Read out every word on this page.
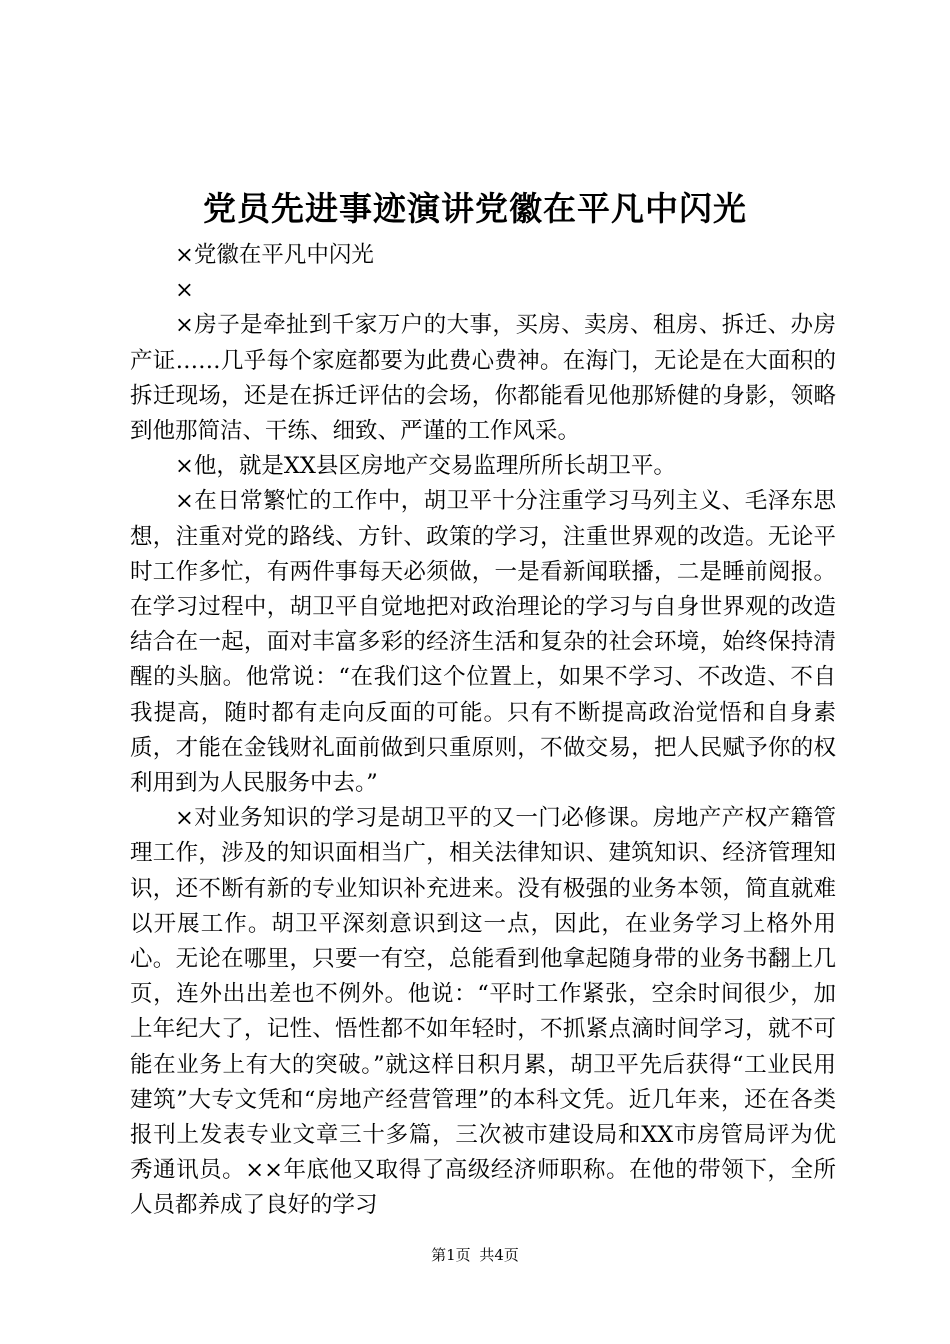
党员先进事迹演讲党徽在平凡中闪光

×党徽在平凡中闪光

×

×房子是牵扯到千家万户的大事，买房、卖房、租房、拆迁、办房产证……几乎每个家庭都要为此费心费神。在海门，无论是在大面积的拆迁现场，还是在拆迁评估的会场，你都能看见他那矫健的身影，领略到他那简洁、干练、细致、严谨的工作风采。

×他，就是XX县区房地产交易监理所所长胡卫平。

×在日常繁忙的工作中，胡卫平十分注重学习马列主义、毛泽东思想，注重对党的路线、方针、政策的学习，注重世界观的改造。无论平时工作多忙，有两件事每天必须做，一是看新闻联播，二是睡前阅报。在学习过程中，胡卫平自觉地把对政治理论的学习与自身世界观的改造结合在一起，面对丰富多彩的经济生活和复杂的社会环境，始终保持清醒的头脑。他常说：“在我们这个位置上，如果不学习、不改造、不自我提高，随时都有走向反面的可能。只有不断提高政治觉悟和自身素质，才能在金钱财礼面前做到只重原则，不做交易，把人民赋予你的权利用到为人民服务中去。”

×对业务知识的学习是胡卫平的又一门必修课。房地产产权产籍管理工作，涉及的知识面相当广，相关法律知识、建筑知识、经济管理知识，还不断有新的专业知识补充进来。没有极强的业务本领，简直就难以开展工作。胡卫平深刻意识到这一点，因此，在业务学习上格外用心。无论在哪里，只要一有空，总能看到他拿起随身带的业务书翻上几页，连外出出差也不例外。他说：“平时工作紧张，空余时间很少，加上年纪大了，记性、悟性都不如年轻时，不抓紧点滴时间学习，就不可能在业务上有大的突破。”就这样日积月累，胡卫平先后获得“工业民用建筑”大专文凭和“房地产经营管理”的本科文凭。近几年来，还在各类报刊上发表专业文章三十多篇，三次被市建设局和XX市房管局评为优秀通讯员。××年底他又取得了高级经济师职称。在他的带领下，全所人员都养成了良好的学习

第1页 共4页
